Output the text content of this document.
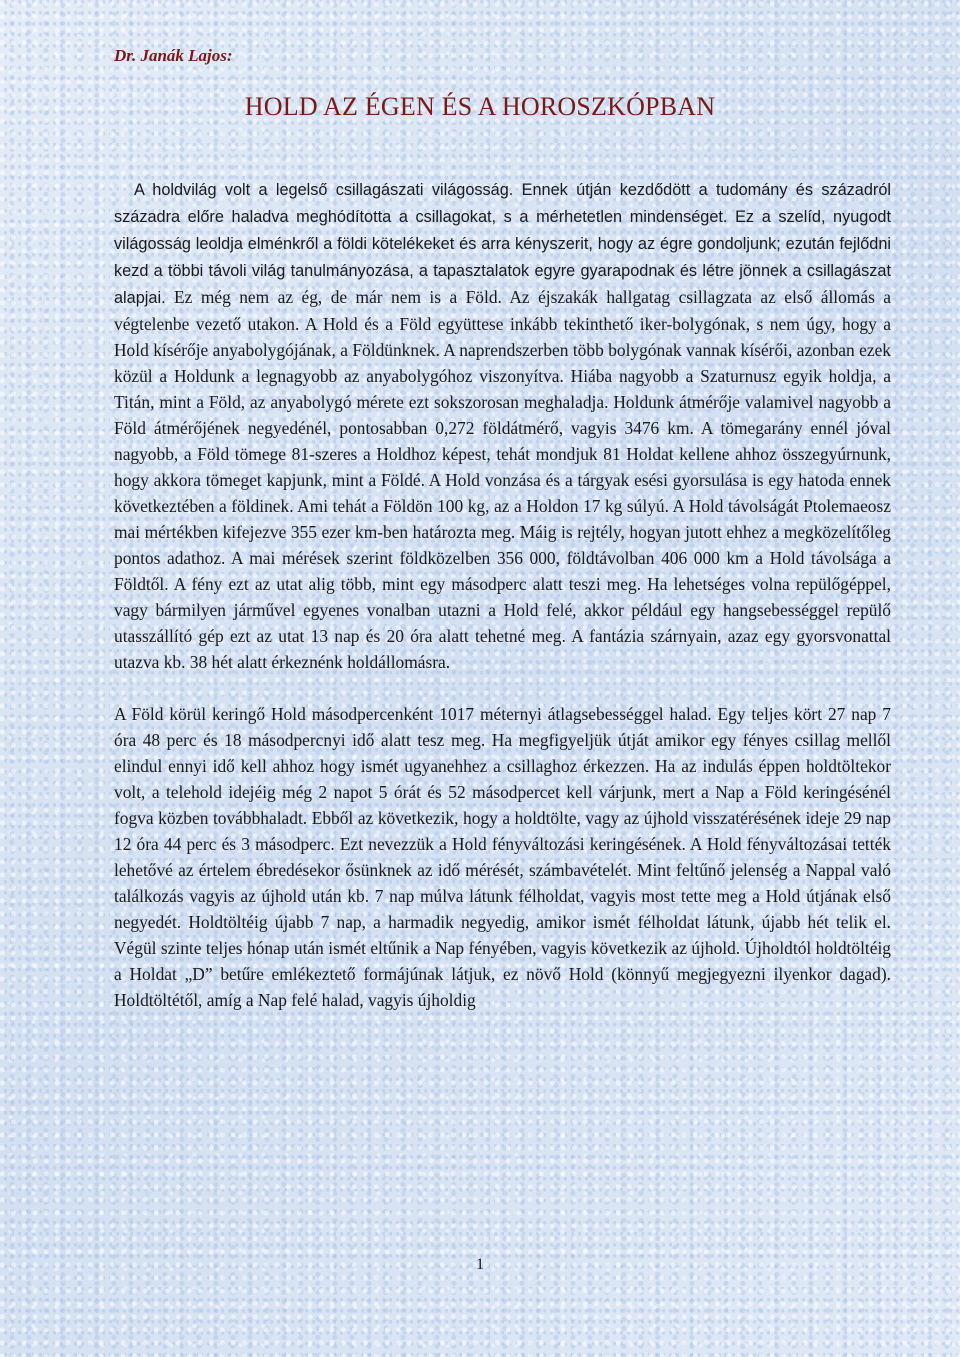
Dr. Janák Lajos:
HOLD AZ ÉGEN ÉS A HOROSZKÓPBAN

A holdvilág volt a legelső csillagászati világosság. Ennek útján kezdődött a tudomány és századról századra előre haladva meghódította a csillagokat, s a mérhetetlen mindenséget. Ez a szelíd, nyugodt világosság leoldja elménkről a földi kötelékeket és arra kényszerit, hogy az égre gondoljunk; ezután fejlődni kezd a többi távoli világ tanulmányozása, a tapasztalatok egyre gyarapodnak és létre jönnek a csillagászat alapjai. Ez még nem az ég, de már nem is a Föld. Az éjszakák hallgatag csillagzata az első állomás a végtelenbe vezető utakon. A Hold és a Föld együttese inkább tekinthető iker-bolygónak, s nem úgy, hogy a Hold kísérője anyabolygójának, a Földünknek. A naprendszerben több bolygónak vannak kísérői, azonban ezek közül a Holdunk a legnagyobb az anyabolygóhoz viszonyítva. Hiába nagyobb a Szaturnusz egyik holdja, a Titán, mint a Föld, az anyabolygó mérete ezt sokszorosan meghaladja. Holdunk átmérője valamivel nagyobb a Föld átmérőjének negyedénél, pontosabban 0,272 földátmérő, vagyis 3476 km. A tömegarány ennél jóval nagyobb, a Föld tömege 81-szeres a Holdhoz képest, tehát mondjuk 81 Holdat kellene ahhoz összegyúrnunk, hogy akkora tömeget kapjunk, mint a Földé. A Hold vonzása és a tárgyak esési gyorsulása is egy hatoda ennek következtében a földinek. Ami tehát a Földön 100 kg, az a Holdon 17 kg súlyú. A Hold távolságát Ptolemaeosz mai mértékben kifejezve 355 ezer km-ben határozta meg. Máig is rejtély, hogyan jutott ehhez a megközelítőleg pontos adathoz. A mai mérések szerint földközelben 356 000, földtávolban 406 000 km a Hold távolsága a Földtől. A fény ezt az utat alig több, mint egy másodperc alatt teszi meg. Ha lehetséges volna repülőgéppel, vagy bármilyen járművel egyenes vonalban utazni a Hold felé, akkor például egy hangsebességgel repülő utasszállító gép ezt az utat 13 nap és 20 óra alatt tehetné meg. A fantázia szárnyain, azaz egy gyorsvonattal utazva kb. 38 hét alatt érkeznénk holdállomásra.

A Föld körül keringő Hold másodpercenként 1017 méternyi átlagsebességgel halad. Egy teljes kört 27 nap 7 óra 48 perc és 18 másodpercnyi idő alatt tesz meg. Ha megfigyeljük útját amikor egy fényes csillag mellől elindul ennyi idő kell ahhoz hogy ismét ugyanehhez a csillaghoz érkezzen. Ha az indulás éppen holdtöltekor volt, a telehold idejéig még 2 napot 5 órát és 52 másodpercet kell várjunk, mert a Nap a Föld keringésénél fogva közben továbbhaladt. Ebből az következik, hogy a holdtölte, vagy az újhold visszatérésének ideje 29 nap 12 óra 44 perc és 3 másodperc. Ezt nevezzük a Hold fényváltozási keringésének. A Hold fényváltozásai tették lehetővé az értelem ébredésekor ősünknek az idő mérését, számbavételét. Mint feltűnő jelenség a Nappal való találkozás vagyis az újhold után kb. 7 nap múlva látunk félholdat, vagyis most tette meg a Hold útjának első negyedét. Holdtöltéig újabb 7 nap, a harmadik negyedig, amikor ismét félholdat látunk, újabb hét telik el. Végül szinte teljes hónap után ismét eltűnik a Nap fényében, vagyis következik az újhold. Újholdtól holdtöltéig a Holdat „D” betűre emlékeztető formájúnak látjuk, ez növő Hold (könnyű megjegyezni ilyenkor dagad). Holdtöltétől, amíg a Nap felé halad, vagyis újholdig

1
